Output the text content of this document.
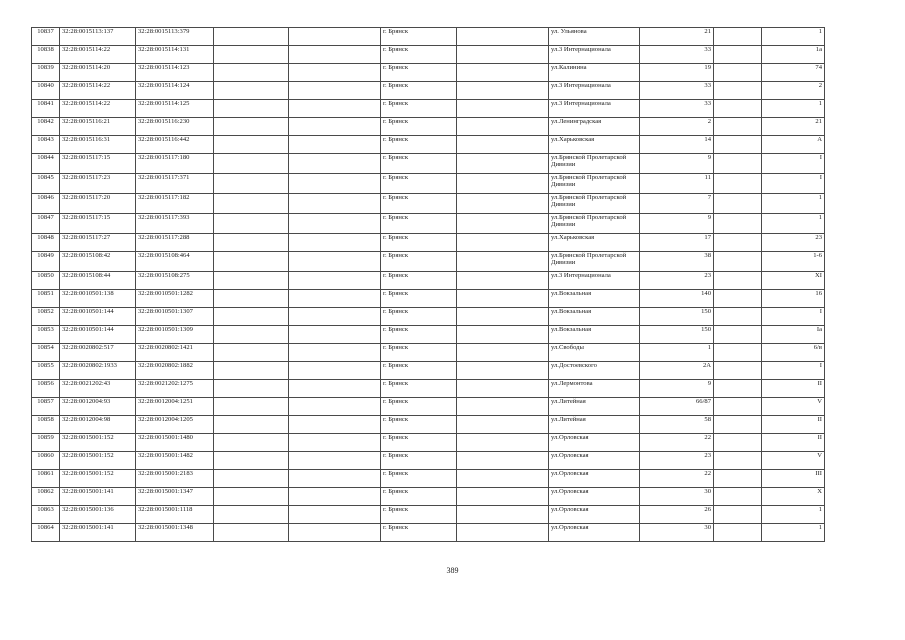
10837	32:28:0015113:137	32:28:0015113:379			г. Брянск		ул. Ульянова	21		1
10838	32:28:0015114:22	32:28:0015114:131			г. Брянск		ул.3 Интернационала	33		1а
10839	32:28:0015114:20	32:28:0015114:123			г. Брянск		ул.Калинина	19		74
10840	32:28:0015114:22	32:28:0015114:124			г. Брянск		ул.3 Интернационала	33		2
10841	32:28:0015114:22	32:28:0015114:125			г. Брянск		ул.3 Интернационала	33		1
10842	32:28:0015116:21	32:28:0015116:230			г. Брянск		ул.Ленинградская	2		21
10843	32:28:0015116:31	32:28:0015116:442			г. Брянск		ул.Харьковская	14		А
10844	32:28:0015117:15	32:28:0015117:180			г. Брянск		ул.Брянской Пролетарской Дивизии	9		I
10845	32:28:0015117:23	32:28:0015117:371			г. Брянск		ул.Брянской Пролетарской Дивизии	11		I
10846	32:28:0015117:20	32:28:0015117:182			г. Брянск		ул.Брянской Пролетарской Дивизии	7		1
10847	32:28:0015117:15	32:28:0015117:393			г. Брянск		ул.Брянской Пролетарской Дивизии	9		1
10848	32:28:0015117:27	32:28:0015117:288			г. Брянск		ул.Харьковская	17		23
10849	32:28:0015108:42	32:28:0015108:464			г. Брянск		ул.Брянской Пролетарской Дивизии	38		1-6
10850	32:28:0015108:44	32:28:0015108:275			г. Брянск		ул.3 Интернационала	23		XI
10851	32:28:0010501:138	32:28:0010501:1282			г. Брянск		ул.Вокзальная	140		16
10852	32:28:0010501:144	32:28:0010501:1307			г. Брянск		ул.Вокзальная	150		I
10853	32:28:0010501:144	32:28:0010501:1309			г. Брянск		ул.Вокзальная	150		Iа
10854	32:28:0020802:517	32:28:0020802:1421			г. Брянск		ул.Свободы	1		6/в
10855	32:28:0020802:1933	32:28:0020802:1882			г. Брянск		ул.Достоевского	2А		I
10856	32:28:0021202:43	32:28:0021202:1275			г. Брянск		ул.Лермонтова	9		II
10857	32:28:0012004:93	32:28:0012004:1251			г. Брянск		ул.Литейная	66/87		V
10858	32:28:0012004:98	32:28:0012004:1205			г. Брянск		ул.Литейная	58		II
10859	32:28:0015001:152	32:28:0015001:1480			г. Брянск		ул.Орловская	22		II
10860	32:28:0015001:152	32:28:0015001:1482			г. Брянск		ул.Орловская	23		V
10861	32:28:0015001:152	32:28:0015001:2183			г. Брянск		ул.Орловская	22		III
10862	32:28:0015001:141	32:28:0015001:1347			г. Брянск		ул.Орловская	30		X
10863	32:28:0015001:136	32:28:0015001:1118			г. Брянск		ул.Орловская	26		1
10864	32:28:0015001:141	32:28:0015001:1348			г. Брянск		ул.Орловская	30		1
389
